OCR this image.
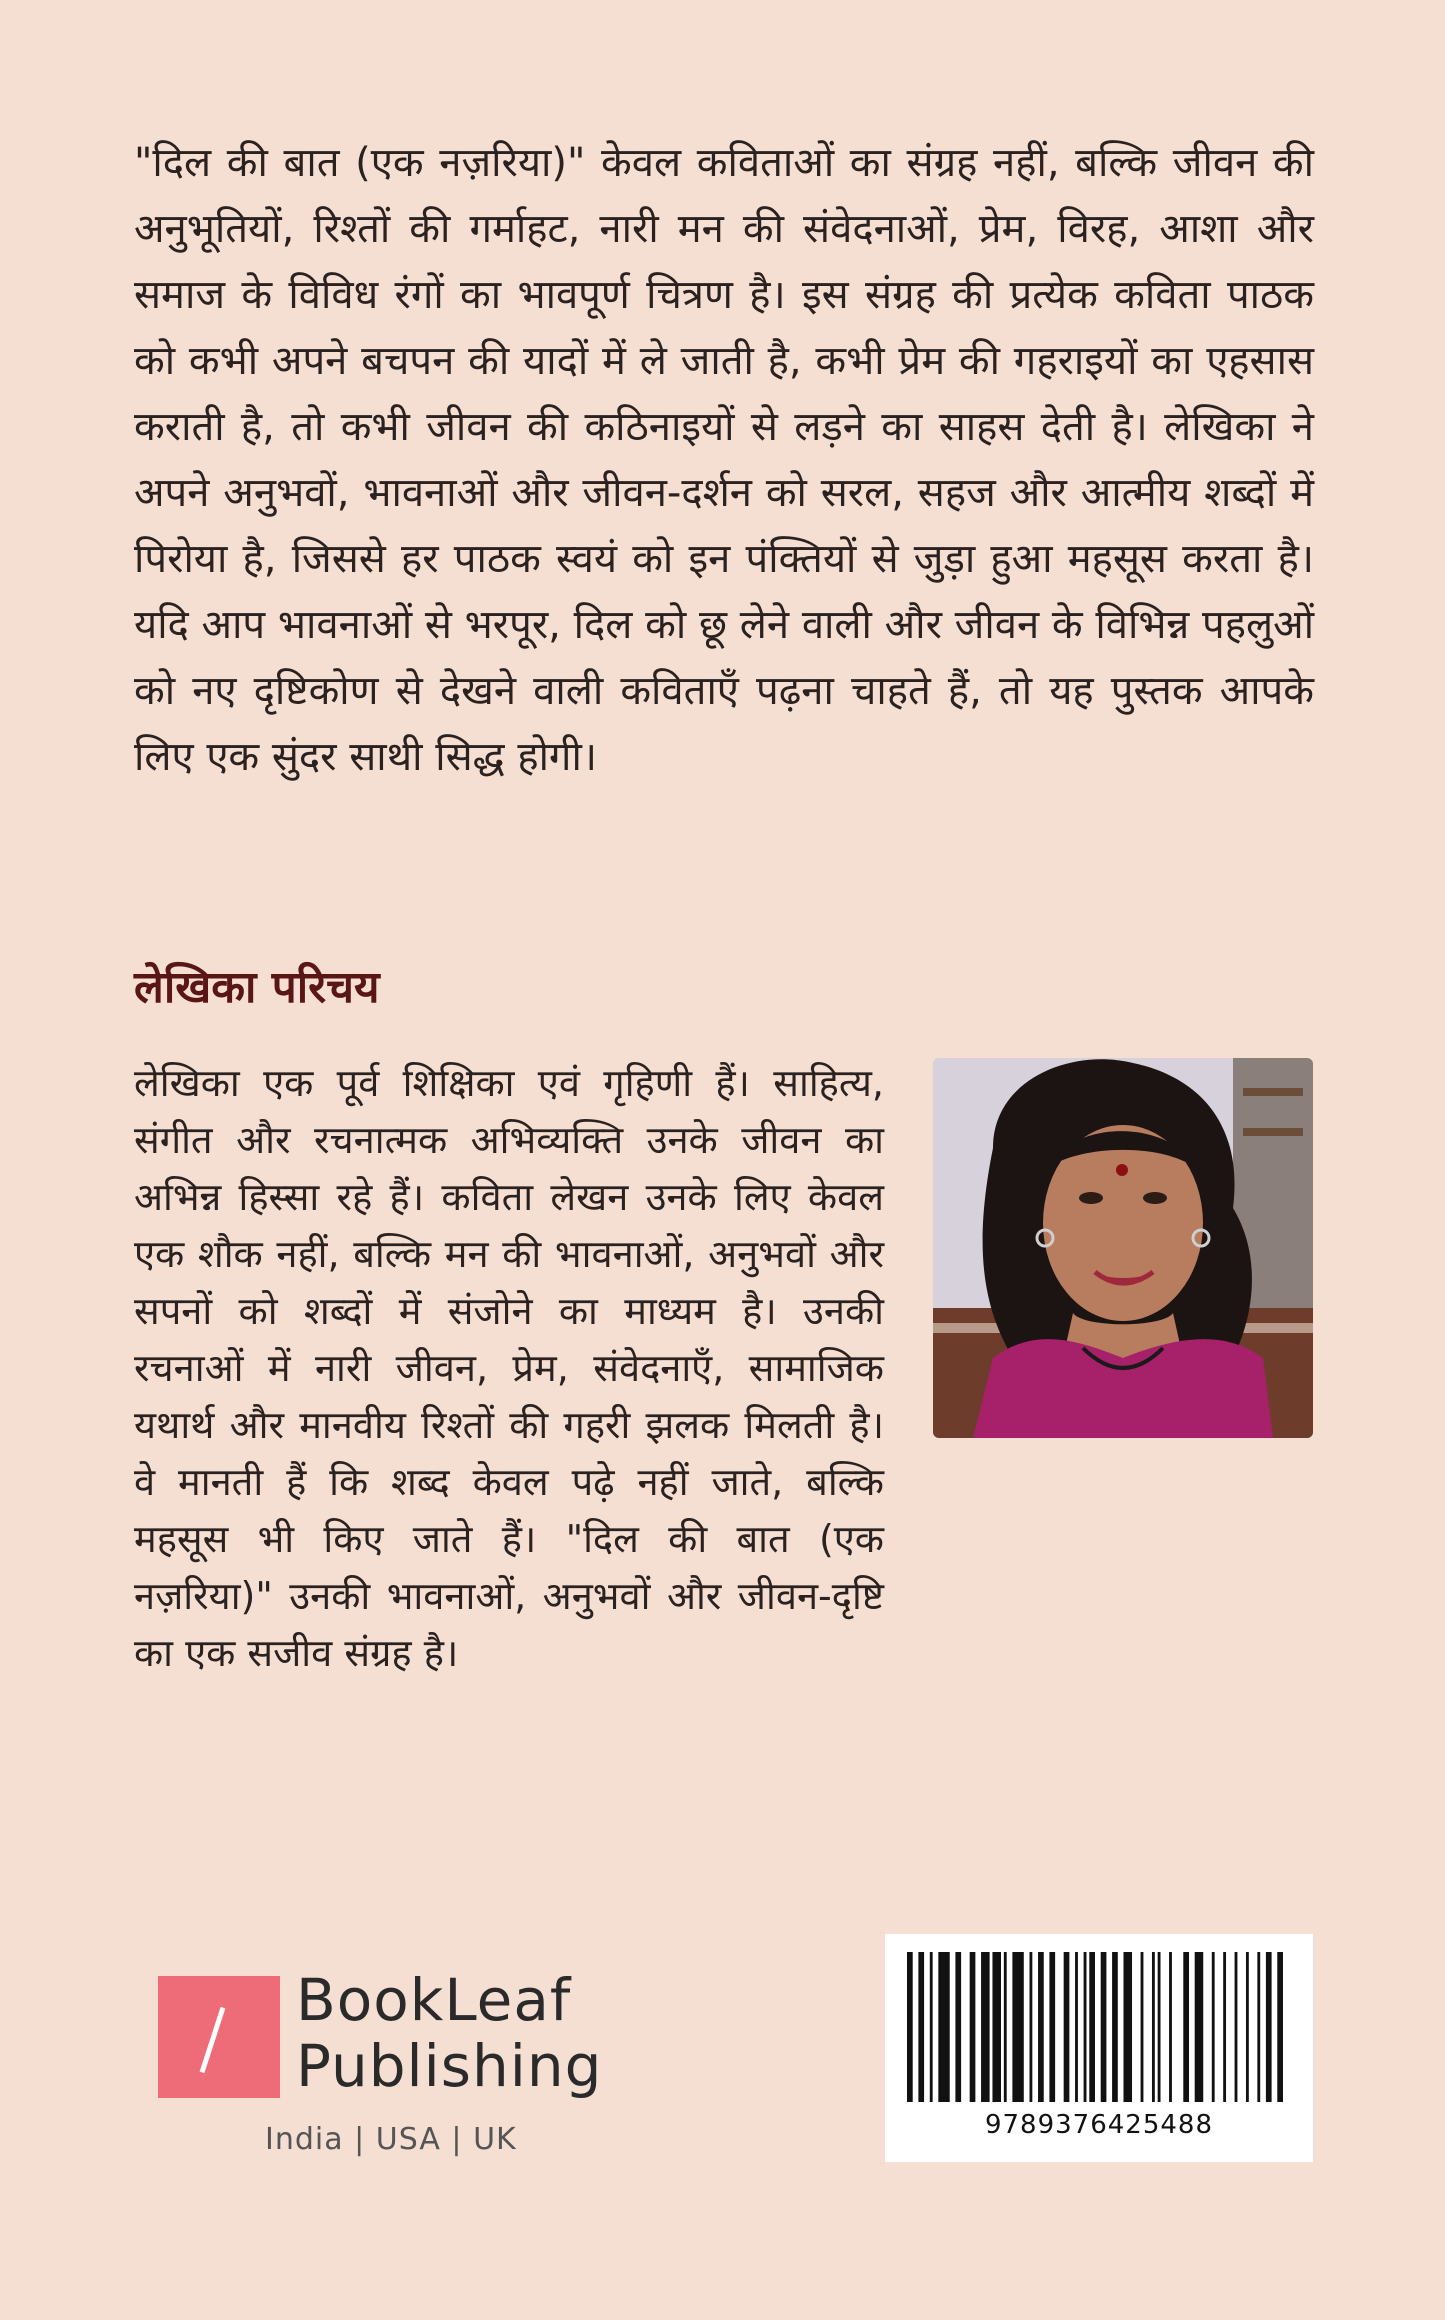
"दिल की बात (एक नज़रिया)" केवल कविताओं का संग्रह नहीं, बल्कि जीवन की अनुभूतियों, रिश्तों की गर्माहट, नारी मन की संवेदनाओं, प्रेम, विरह, आशा और समाज के विविध रंगों का भावपूर्ण चित्रण है। इस संग्रह की प्रत्येक कविता पाठक को कभी अपने बचपन की यादों में ले जाती है, कभी प्रेम की गहराइयों का एहसास कराती है, तो कभी जीवन की कठिनाइयों से लड़ने का साहस देती है। लेखिका ने अपने अनुभवों, भावनाओं और जीवन-दर्शन को सरल, सहज और आत्मीय शब्दों में पिरोया है, जिससे हर पाठक स्वयं को इन पंक्तियों से जुड़ा हुआ महसूस करता है। यदि आप भावनाओं से भरपूर, दिल को छू लेने वाली और जीवन के विभिन्न पहलुओं को नए दृष्टिकोण से देखने वाली कविताएँ पढ़ना चाहते हैं, तो यह पुस्तक आपके लिए एक सुंदर साथी सिद्ध होगी।

लेखिका परिचय

लेखिका एक पूर्व शिक्षिका एवं गृहिणी हैं। साहित्य, संगीत और रचनात्मक अभिव्यक्ति उनके जीवन का अभिन्न हिस्सा रहे हैं। कविता लेखन उनके लिए केवल एक शौक नहीं, बल्कि मन की भावनाओं, अनुभवों और सपनों को शब्दों में संजोने का माध्यम है। उनकी रचनाओं में नारी जीवन, प्रेम, संवेदनाएँ, सामाजिक यथार्थ और मानवीय रिश्तों की गहरी झलक मिलती है। वे मानती हैं कि शब्द केवल पढ़े नहीं जाते, बल्कि महसूस भी किए जाते हैं। "दिल की बात (एक नज़रिया)" उनकी भावनाओं, अनुभवों और जीवन-दृष्टि का एक सजीव संग्रह है।

BookLeaf
Publishing
India | USA | UK	9789376425488
